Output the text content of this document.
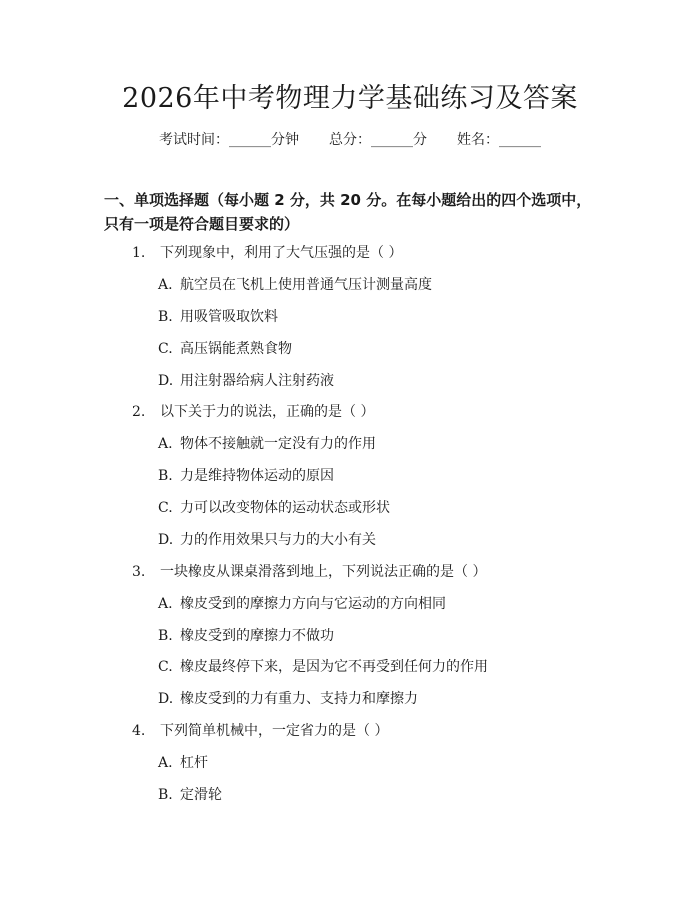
2026年中考物理力学基础练习及答案
考试时间：______分钟 总分：______分 姓名：______
一、单项选择题（每小题 2 分，共 20 分。在每小题给出的四个选项中，只有一项是符合题目要求的）
1. 下列现象中，利用了大气压强的是（ ）
A. 航空员在飞机上使用普通气压计测量高度
B. 用吸管吸取饮料
C. 高压锅能煮熟食物
D. 用注射器给病人注射药液
2. 以下关于力的说法，正确的是（ ）
A. 物体不接触就一定没有力的作用
B. 力是维持物体运动的原因
C. 力可以改变物体的运动状态或形状
D. 力的作用效果只与力的大小有关
3. 一块橡皮从课桌滑落到地上，下列说法正确的是（ ）
A. 橡皮受到的摩擦力方向与它运动的方向相同
B. 橡皮受到的摩擦力不做功
C. 橡皮最终停下来，是因为它不再受到任何力的作用
D. 橡皮受到的力有重力、支持力和摩擦力
4. 下列简单机械中，一定省力的是（ ）
A. 杠杆
B. 定滑轮
